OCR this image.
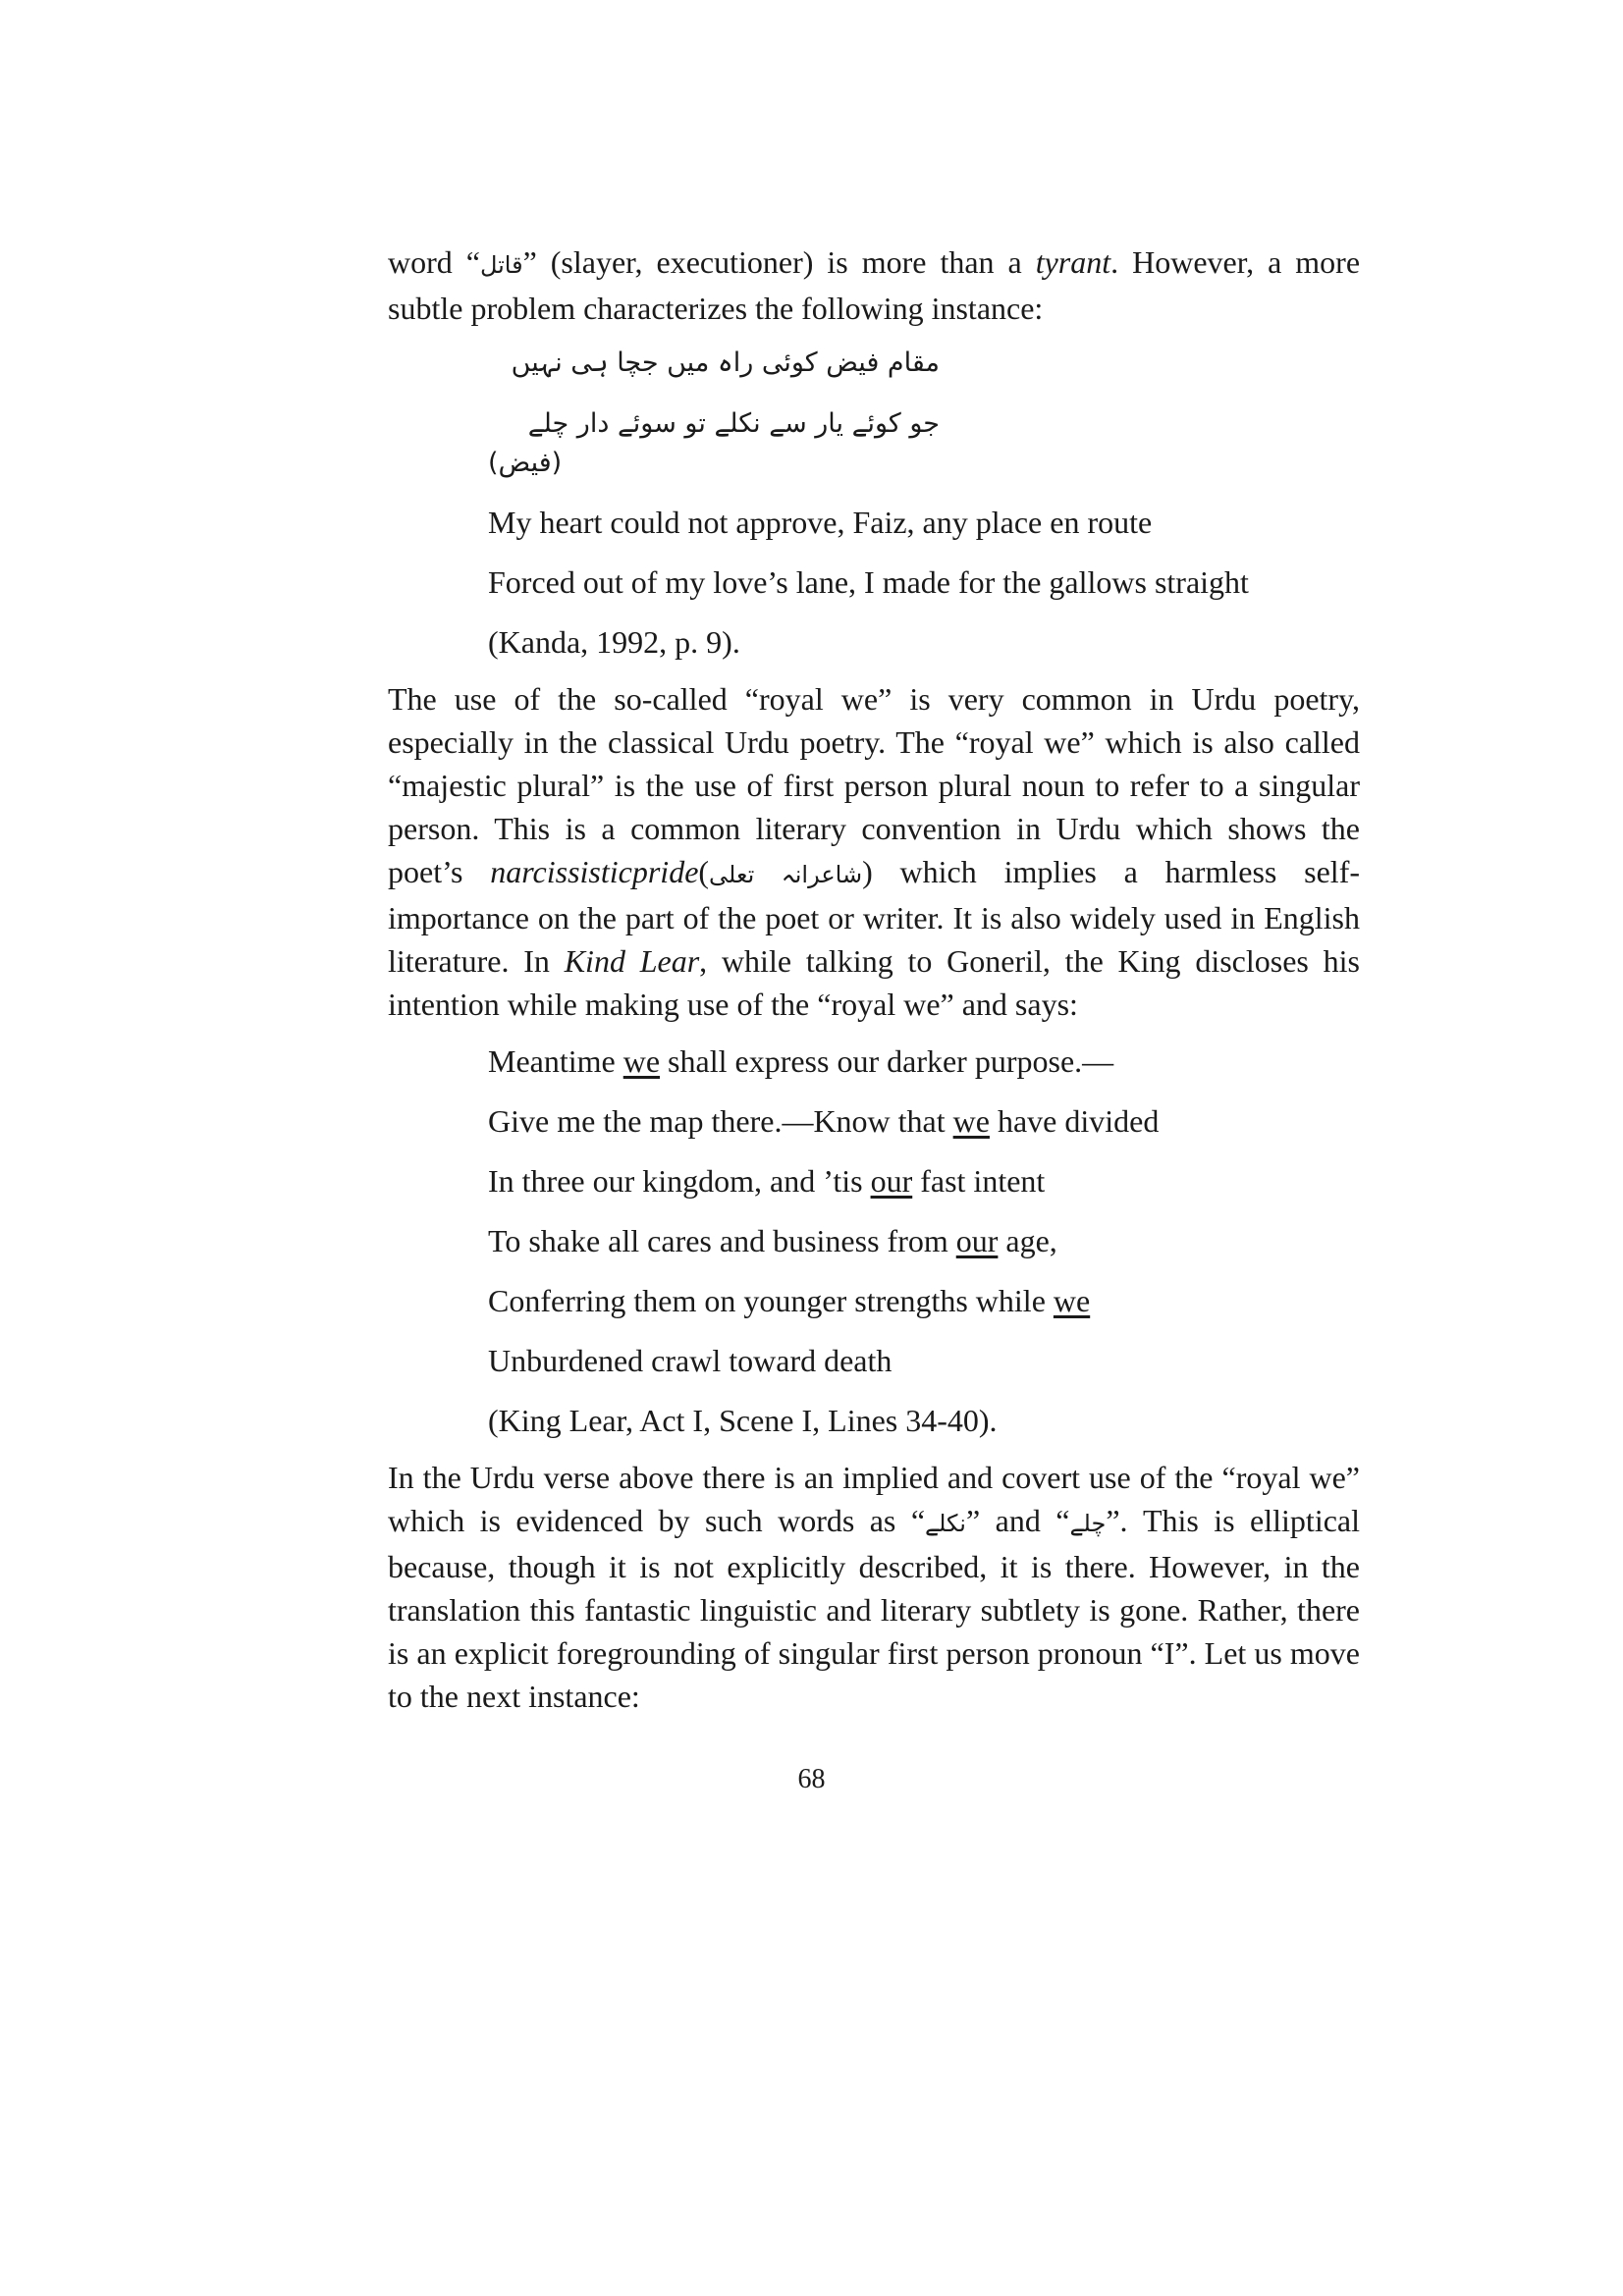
word “قاتل” (slayer, executioner) is more than a tyrant. However, a more subtle problem characterizes the following instance:

مقام فیض کوئی راہ میں جچا ہی نہیں

جو کوئے یار سے نکلے تو سوئے دار چلے

(فیض)

My heart could not approve, Faiz, any place en route

Forced out of my love’s lane, I made for the gallows straight

(Kanda, 1992, p. 9).

The use of the so-called “royal we” is very common in Urdu poetry, especially in the classical Urdu poetry. The “royal we” which is also called “majestic plural” is the use of first person plural noun to refer to a singular person. This is a common literary convention in Urdu which shows the poet’s narcissisticpride(شاعرانہ تعلی) which implies a harmless self-importance on the part of the poet or writer. It is also widely used in English literature. In Kind Lear, while talking to Goneril, the King discloses his intention while making use of the “royal we” and says:

Meantime we shall express our darker purpose.—

Give me the map there.—Know that we have divided

In three our kingdom, and ’tis our fast intent

To shake all cares and business from our age,

Conferring them on younger strengths while we

Unburdened crawl toward death

(King Lear, Act I, Scene I, Lines 34-40).

In the Urdu verse above there is an implied and covert use of the “royal we” which is evidenced by such words as “نکلے” and “چلے”. This is elliptical because, though it is not explicitly described, it is there. However, in the translation this fantastic linguistic and literary subtlety is gone. Rather, there is an explicit foregrounding of singular first person pronoun “I”. Let us move to the next instance:

68
